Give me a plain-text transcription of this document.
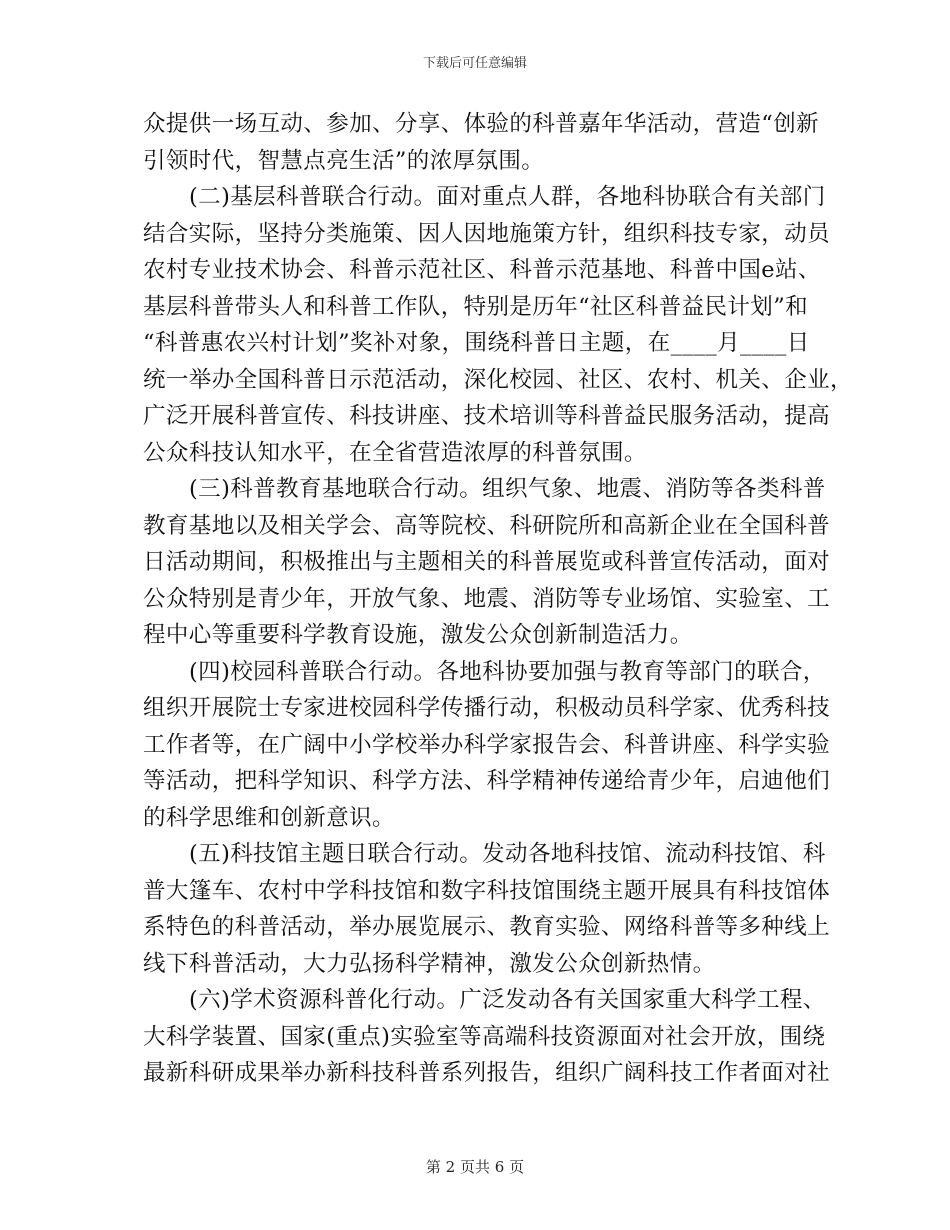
下载后可任意编辑
众提供一场互动、参加、分享、体验的科普嘉年华活动，营造“创新
引领时代，智慧点亮生活”的浓厚氛围。
(二)基层科普联合行动。面对重点人群，各地科协联合有关部门
结合实际，坚持分类施策、因人因地施策方针，组织科技专家，动员
农村专业技术协会、科普示范社区、科普示范基地、科普中国e站、
基层科普带头人和科普工作队，特别是历年“社区科普益民计划”和
“科普惠农兴村计划”奖补对象，围绕科普日主题，在____月____日
统一举办全国科普日示范活动，深化校园、社区、农村、机关、企业，
广泛开展科普宣传、科技讲座、技术培训等科普益民服务活动，提高
公众科技认知水平，在全省营造浓厚的科普氛围。
(三)科普教育基地联合行动。组织气象、地震、消防等各类科普
教育基地以及相关学会、高等院校、科研院所和高新企业在全国科普
日活动期间，积极推出与主题相关的科普展览或科普宣传活动，面对
公众特别是青少年，开放气象、地震、消防等专业场馆、实验室、工
程中心等重要科学教育设施，激发公众创新制造活力。
(四)校园科普联合行动。各地科协要加强与教育等部门的联合，
组织开展院士专家进校园科学传播行动，积极动员科学家、优秀科技
工作者等，在广阔中小学校举办科学家报告会、科普讲座、科学实验
等活动，把科学知识、科学方法、科学精神传递给青少年，启迪他们
的科学思维和创新意识。
(五)科技馆主题日联合行动。发动各地科技馆、流动科技馆、科
普大篷车、农村中学科技馆和数字科技馆围绕主题开展具有科技馆体
系特色的科普活动，举办展览展示、教育实验、网络科普等多种线上
线下科普活动，大力弘扬科学精神，激发公众创新热情。
(六)学术资源科普化行动。广泛发动各有关国家重大科学工程、
大科学装置、国家(重点)实验室等高端科技资源面对社会开放，围绕
最新科研成果举办新科技科普系列报告，组织广阔科技工作者面对社
第 2 页共 6 页
